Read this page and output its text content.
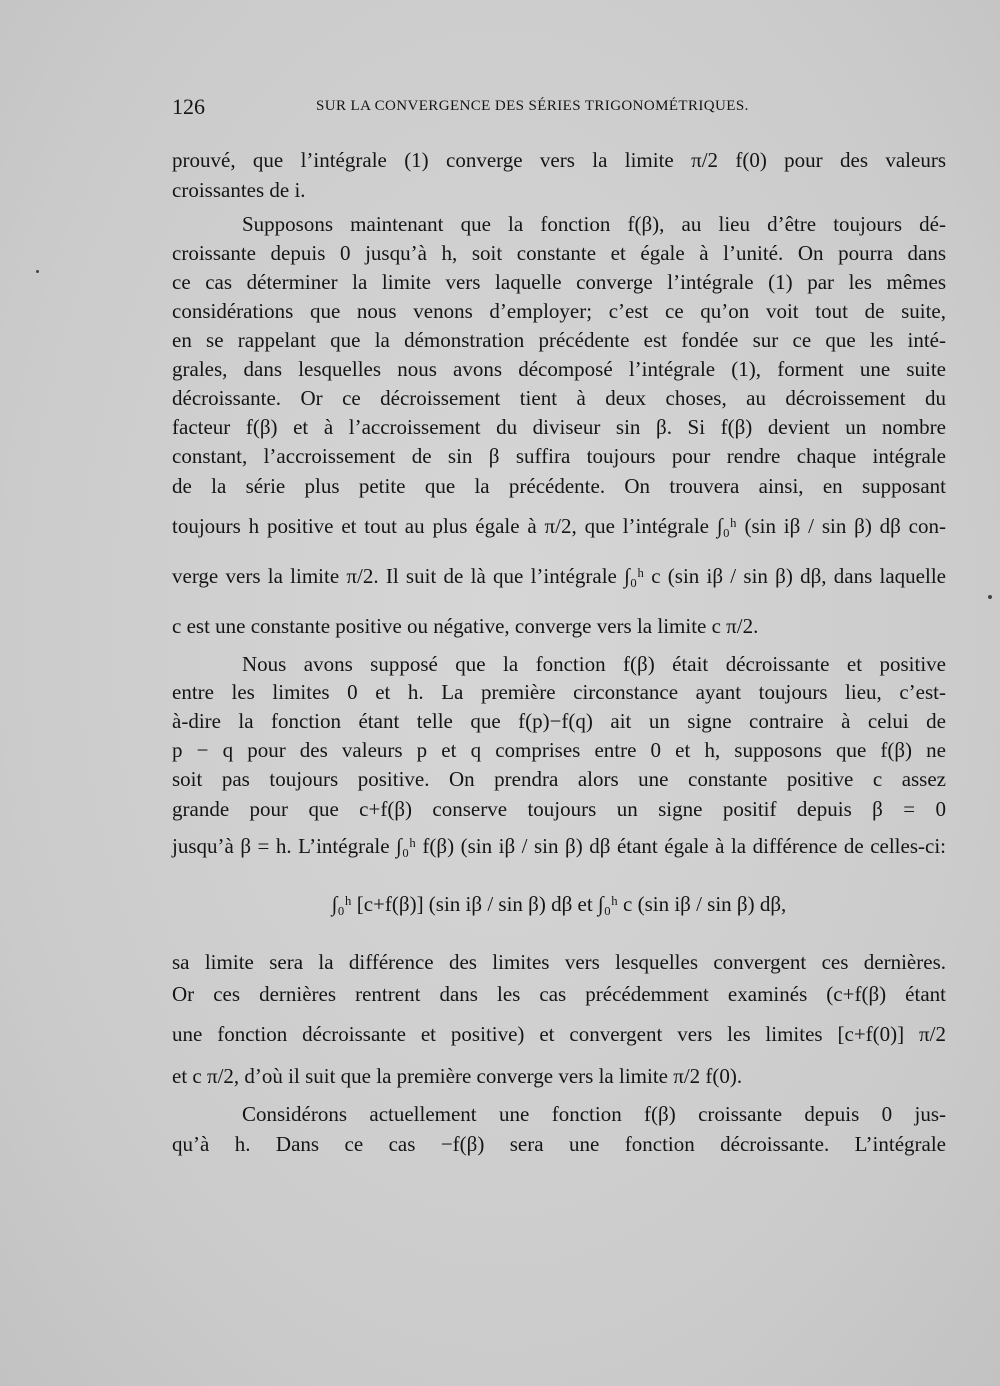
126	SUR LA CONVERGENCE DES SÉRIES TRIGONOMÉTRIQUES.
prouvé, que l’intégrale (1) converge vers la limite π/2 f(0) pour des valeurs
croissantes de i.
Supposons maintenant que la fonction f(β), au lieu d’être toujours dé-
croissante depuis 0 jusqu’à h, soit constante et égale à l’unité. On pourra dans
ce cas déterminer la limite vers laquelle converge l’intégrale (1) par les mêmes
considérations que nous venons d’employer; c’est ce qu’on voit tout de suite,
en se rappelant que la démonstration précédente est fondée sur ce que les inté-
grales, dans lesquelles nous avons décomposé l’intégrale (1), forment une suite
décroissante. Or ce décroissement tient à deux choses, au décroissement du
facteur f(β) et à l’accroissement du diviseur sin β. Si f(β) devient un nombre
constant, l’accroissement de sin β suffira toujours pour rendre chaque intégrale
de la série plus petite que la précédente. On trouvera ainsi, en supposant
toujours h positive et tout au plus égale à π/2, que l’intégrale ∫₀ʰ (sin iβ / sin β) dβ con-
verge vers la limite π/2. Il suit de là que l’intégrale ∫₀ʰ c (sin iβ / sin β) dβ, dans laquelle
c est une constante positive ou négative, converge vers la limite c π/2.
Nous avons supposé que la fonction f(β) était décroissante et positive
entre les limites 0 et h. La première circonstance ayant toujours lieu, c’est-
à-dire la fonction étant telle que f(p)−f(q) ait un signe contraire à celui de
p − q pour des valeurs p et q comprises entre 0 et h, supposons que f(β) ne
soit pas toujours positive. On prendra alors une constante positive c assez
grande pour que c+f(β) conserve toujours un signe positif depuis β = 0
jusqu’à β = h. L’intégrale ∫₀ʰ f(β) (sin iβ / sin β) dβ étant égale à la différence de celles-ci:
∫₀ʰ [c+f(β)] (sin iβ / sin β) dβ et ∫₀ʰ c (sin iβ / sin β) dβ,
sa limite sera la différence des limites vers lesquelles convergent ces dernières.
Or ces dernières rentrent dans les cas précédemment examinés (c+f(β) étant
une fonction décroissante et positive) et convergent vers les limites [c+f(0)] π/2
et c π/2, d’où il suit que la première converge vers la limite π/2 f(0).
Considérons actuellement une fonction f(β) croissante depuis 0 jus-
qu’à h. Dans ce cas −f(β) sera une fonction décroissante. L’intégrale
